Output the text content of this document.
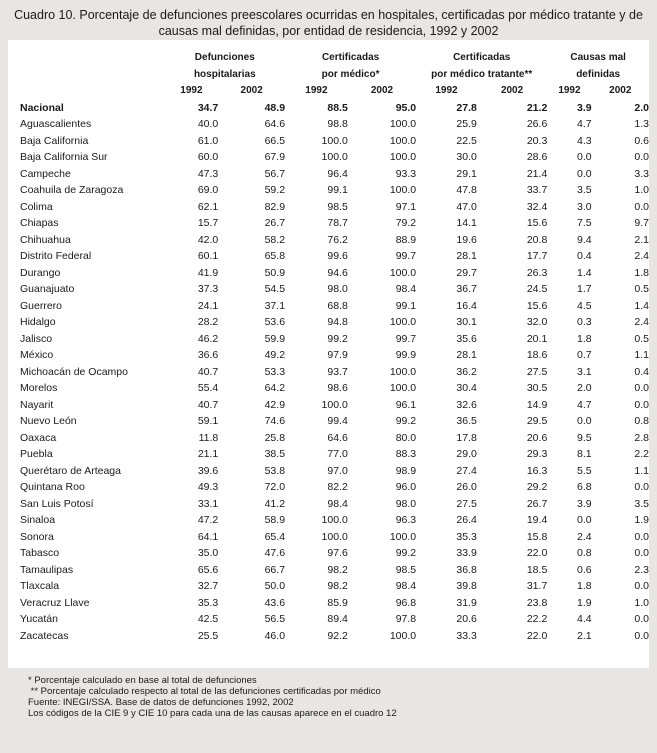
Cuadro 10. Porcentaje de defunciones preescolares ocurridas en hospitales, certificadas por médico tratante y de causas mal definidas, por entidad de residencia, 1992 y 2002
	Defunciones
hospitalarias		Certificadas
por médico*		Certificadas
por médico tratante**		Causas mal
definidas	
	1992	2002	1992	2002	1992	2002	1992	2002
Nacional	34.7	48.9	88.5	95.0	27.8	21.2	3.9	2.0
Aguascalientes	40.0	64.6	98.8	100.0	25.9	26.6	4.7	1.3
Baja California	61.0	66.5	100.0	100.0	22.5	20.3	4.3	0.6
Baja California Sur	60.0	67.9	100.0	100.0	30.0	28.6	0.0	0.0
Campeche	47.3	56.7	96.4	93.3	29.1	21.4	0.0	3.3
Coahuila de Zaragoza	69.0	59.2	99.1	100.0	47.8	33.7	3.5	1.0
Colima	62.1	82.9	98.5	97.1	47.0	32.4	3.0	0.0
Chiapas	15.7	26.7	78.7	79.2	14.1	15.6	7.5	9.7
Chihuahua	42.0	58.2	76.2	88.9	19.6	20.8	9.4	2.1
Distrito Federal	60.1	65.8	99.6	99.7	28.1	17.7	0.4	2.4
Durango	41.9	50.9	94.6	100.0	29.7	26.3	1.4	1.8
Guanajuato	37.3	54.5	98.0	98.4	36.7	24.5	1.7	0.5
Guerrero	24.1	37.1	68.8	99.1	16.4	15.6	4.5	1.4
Hidalgo	28.2	53.6	94.8	100.0	30.1	32.0	0.3	2.4
Jalisco	46.2	59.9	99.2	99.7	35.6	20.1	1.8	0.5
México	36.6	49.2	97.9	99.9	28.1	18.6	0.7	1.1
Michoacán de Ocampo	40.7	53.3	93.7	100.0	36.2	27.5	3.1	0.4
Morelos	55.4	64.2	98.6	100.0	30.4	30.5	2.0	0.0
Nayarit	40.7	42.9	100.0	96.1	32.6	14.9	4.7	0.0
Nuevo León	59.1	74.6	99.4	99.2	36.5	29.5	0.0	0.8
Oaxaca	11.8	25.8	64.6	80.0	17.8	20.6	9.5	2.8
Puebla	21.1	38.5	77.0	88.3	29.0	29.3	8.1	2.2
Querétaro de Arteaga	39.6	53.8	97.0	98.9	27.4	16.3	5.5	1.1
Quintana Roo	49.3	72.0	82.2	96.0	26.0	29.2	6.8	0.0
San Luis Potosí	33.1	41.2	98.4	98.0	27.5	26.7	3.9	3.5
Sinaloa	47.2	58.9	100.0	96.3	26.4	19.4	0.0	1.9
Sonora	64.1	65.4	100.0	100.0	35.3	15.8	2.4	0.0
Tabasco	35.0	47.6	97.6	99.2	33.9	22.0	0.8	0.0
Tamaulipas	65.6	66.7	98.2	98.5	36.8	18.5	0.6	2.3
Tlaxcala	32.7	50.0	98.2	98.4	39.8	31.7	1.8	0.0
Veracruz Llave	35.3	43.6	85.9	96.8	31.9	23.8	1.9	1.0
Yucatán	42.5	56.5	89.4	97.8	20.6	22.2	4.4	0.0
Zacatecas	25.5	46.0	92.2	100.0	33.3	22.0	2.1	0.0
* Porcentaje calculado en base al total de defunciones
** Porcentaje calculado respecto al total de las defunciones certificadas por médico
Fuente: INEGI/SSA. Base de datos de defunciones 1992, 2002
Los códigos de la CIE 9 y CIE 10 para cada una de las causas aparece en el cuadro 12
